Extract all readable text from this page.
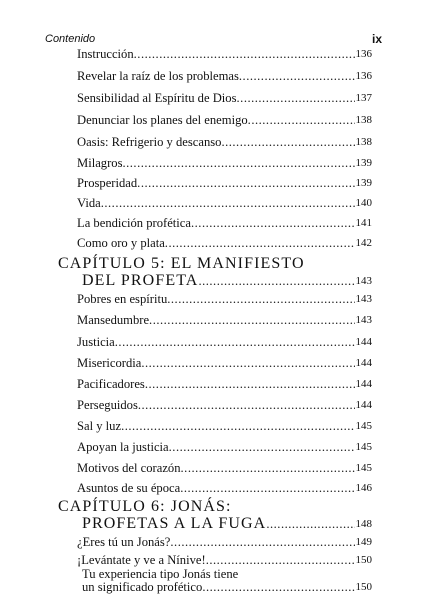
Contenido	ix
Instrucción .....	136
Revelar la raíz de los problemas .....	136
Sensibilidad al Espíritu de Dios .....	137
Denunciar los planes del enemigo .....	138
Oasis: Refrigerio y descanso .....	138
Milagros .....	139
Prosperidad .....	139
Vida .....	140
La bendición profética .....	141
Como oro y plata .....	142
CAPÍTULO 5: EL MANIFIESTO
DEL PROFETA .....	143
Pobres en espíritu .....	143
Mansedumbre .....	143
Justicia .....	144
Misericordia .....	144
Pacificadores .....	144
Perseguidos .....	144
Sal y luz .....	145
Apoyan la justicia .....	145
Motivos del corazón .....	145
Asuntos de su época .....	146
CAPÍTULO 6: JONÁS:
PROFETAS A LA FUGA .....	148
¿Eres tú un Jonás? .....	149
¡Levántate y ve a Nínive! .....	150
Tu experiencia tipo Jonás tiene
un significado profético .....	150
